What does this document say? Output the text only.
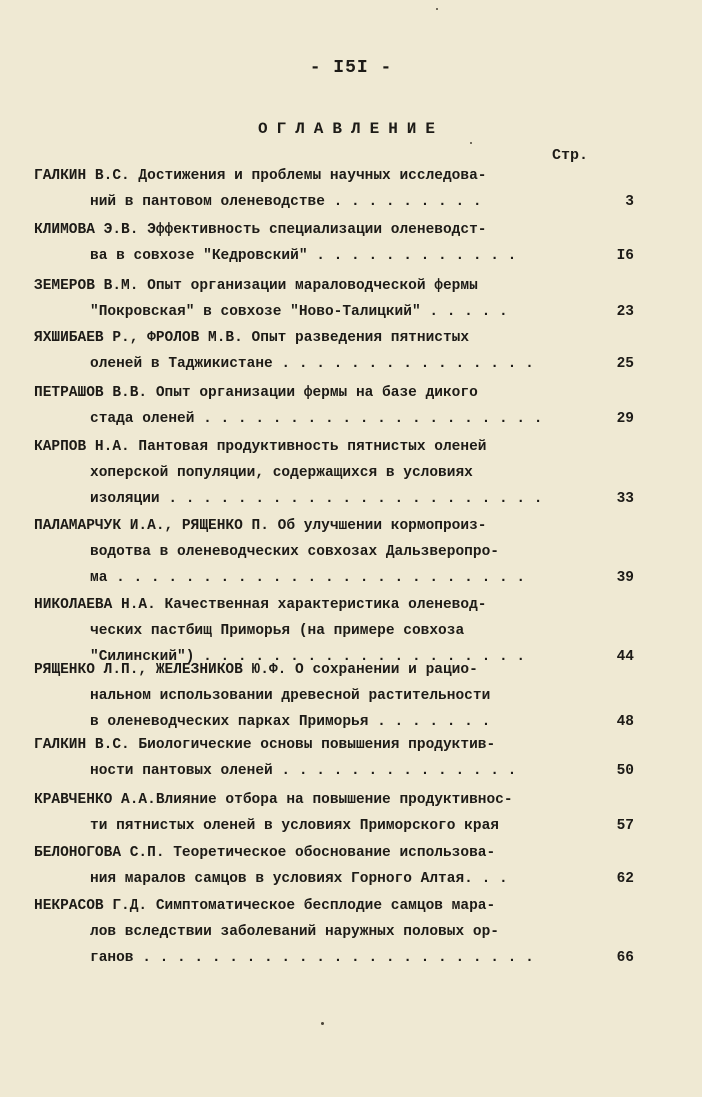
- I5I -
ОГЛАВЛЕНИЕ
Стр.
ГАЛКИН В.С. Достижения и проблемы научных исследова-
ний в пантовом оленеводстве . . . . . . . . .	3
КЛИМОВА Э.В. Эффективность специализации оленеводст-
ва в совхозе "Кедровский" . . . . . . . . . . . .	I6
ЗЕМЕРОВ В.М. Опыт организации мараловодческой фермы
"Покровская" в совхозе "Ново-Талицкий" . . . . .	23
ЯХШИБАЕВ Р., ФРОЛОВ М.В. Опыт разведения пятнистых
оленей в Таджикистане . . . . . . . . . . . . . . .	25
ПЕТРАШОВ В.В. Опыт организации фермы на базе дикого
стада оленей . . . . . . . . . . . . . . . . . . . .	29
КАРПОВ Н.А. Пантовая продуктивность пятнистых оленей
хоперской популяции, содержащихся в условиях
изоляции . . . . . . . . . . . . . . . . . . . . . .	33
ПАЛАМАРЧУК И.А., РЯЩЕНКО П. Об улучшении кормопроиз-
водотва в оленеводческих совхозах Дальзверопро-
ма . . . . . . . . . . . . . . . . . . . . . . . .	39
НИКОЛАЕВА Н.А. Качественная характеристика оленевод-
ческих пастбищ Приморья (на примере совхоза
"Силинский") . . . . . . . . . . . . . . . . . . .	44
РЯЩЕНКО Л.П., ЖЕЛЕЗНИКОВ Ю.Ф. О сохранении и рацио-
нальном использовании древесной растительности
в оленеводческих парках Приморья . . . . . . .	48
ГАЛКИН В.С. Биологические основы повышения продуктив-
ности пантовых оленей . . . . . . . . . . . . . .	50
КРАВЧЕНКО А.А.Влияние отбора на повышение продуктивнос-
ти пятнистых оленей в условиях Приморского края	57
БЕЛОНОГОВА С.П. Теоретическое обоснование использова-
ния маралов самцов в условиях Горного Алтая. . .	62
НЕКРАСОВ Г.Д. Симптоматическое бесплодие самцов мара-
лов вследствии заболеваний наружных половых ор-
ганов . . . . . . . . . . . . . . . . . . . . . . .	66
